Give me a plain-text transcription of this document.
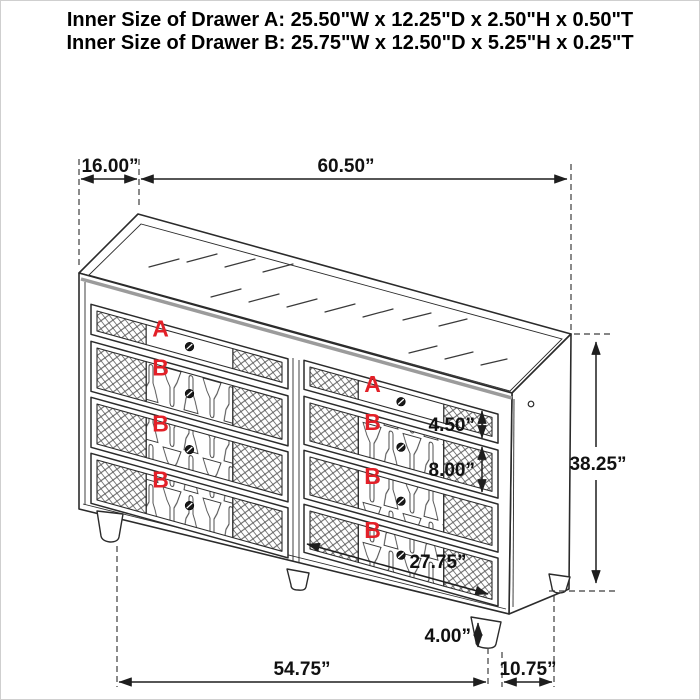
Inner Size of Drawer A: 25.50"W x 12.25"D x 2.50"H x 0.50"T
Inner Size of Drawer B: 25.75"W x 12.50"D x 5.25"H x 0.25"T
A
B
B
B
A
B
B
B
16.00”	60.50”
4.50”
8.00”	38.25”
27.75”
4.00”
54.75”	10.75”
